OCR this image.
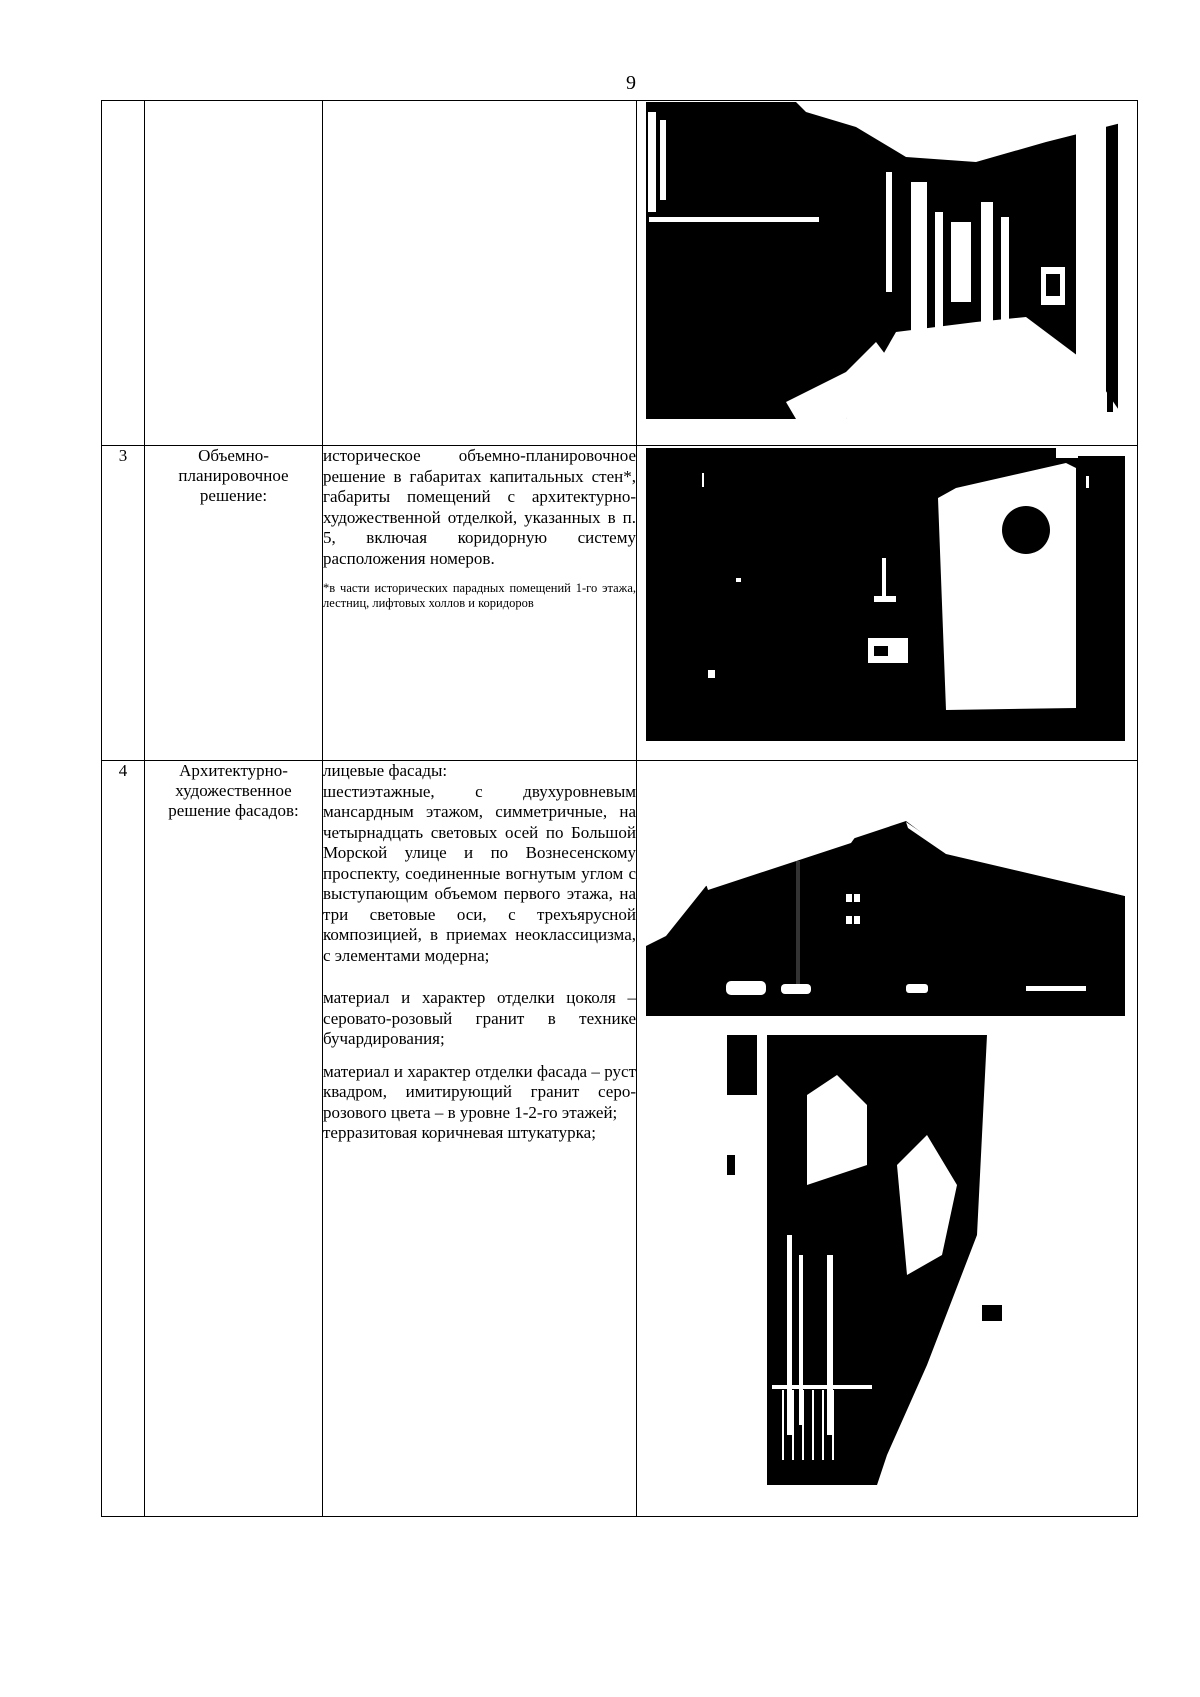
9

3	Объемно-планировочное решение:	историческое объемно-планировочное решение в габаритах капитальных стен*, габариты помещений с архитектурно-художественной отделкой, указанных в п. 5, включая коридорную систему расположения номеров.

*в части исторических парадных помещений 1-го этажа, лестниц, лифтовых холлов и коридоров

4	Архитектурно-художественное решение фасадов:	лицевые фасады:

шестиэтажные, с двухуровневым мансардным этажом, симметричные, на четырнадцать световых осей по Большой Морской улице и по Вознесенскому проспекту, соединенные вогнутым углом с выступающим объемом первого этажа, на три световые оси, с трехъярусной композицией, в приемах неоклассицизма, с элементами модерна;

материал и характер отделки цоколя – серовато-розовый гранит в технике бучардирования;

материал и характер отделки фасада – руст квадром, имитирующий гранит серо-розового цвета – в уровне 1-2-го этажей;

терразитовая коричневая штукатурка;
